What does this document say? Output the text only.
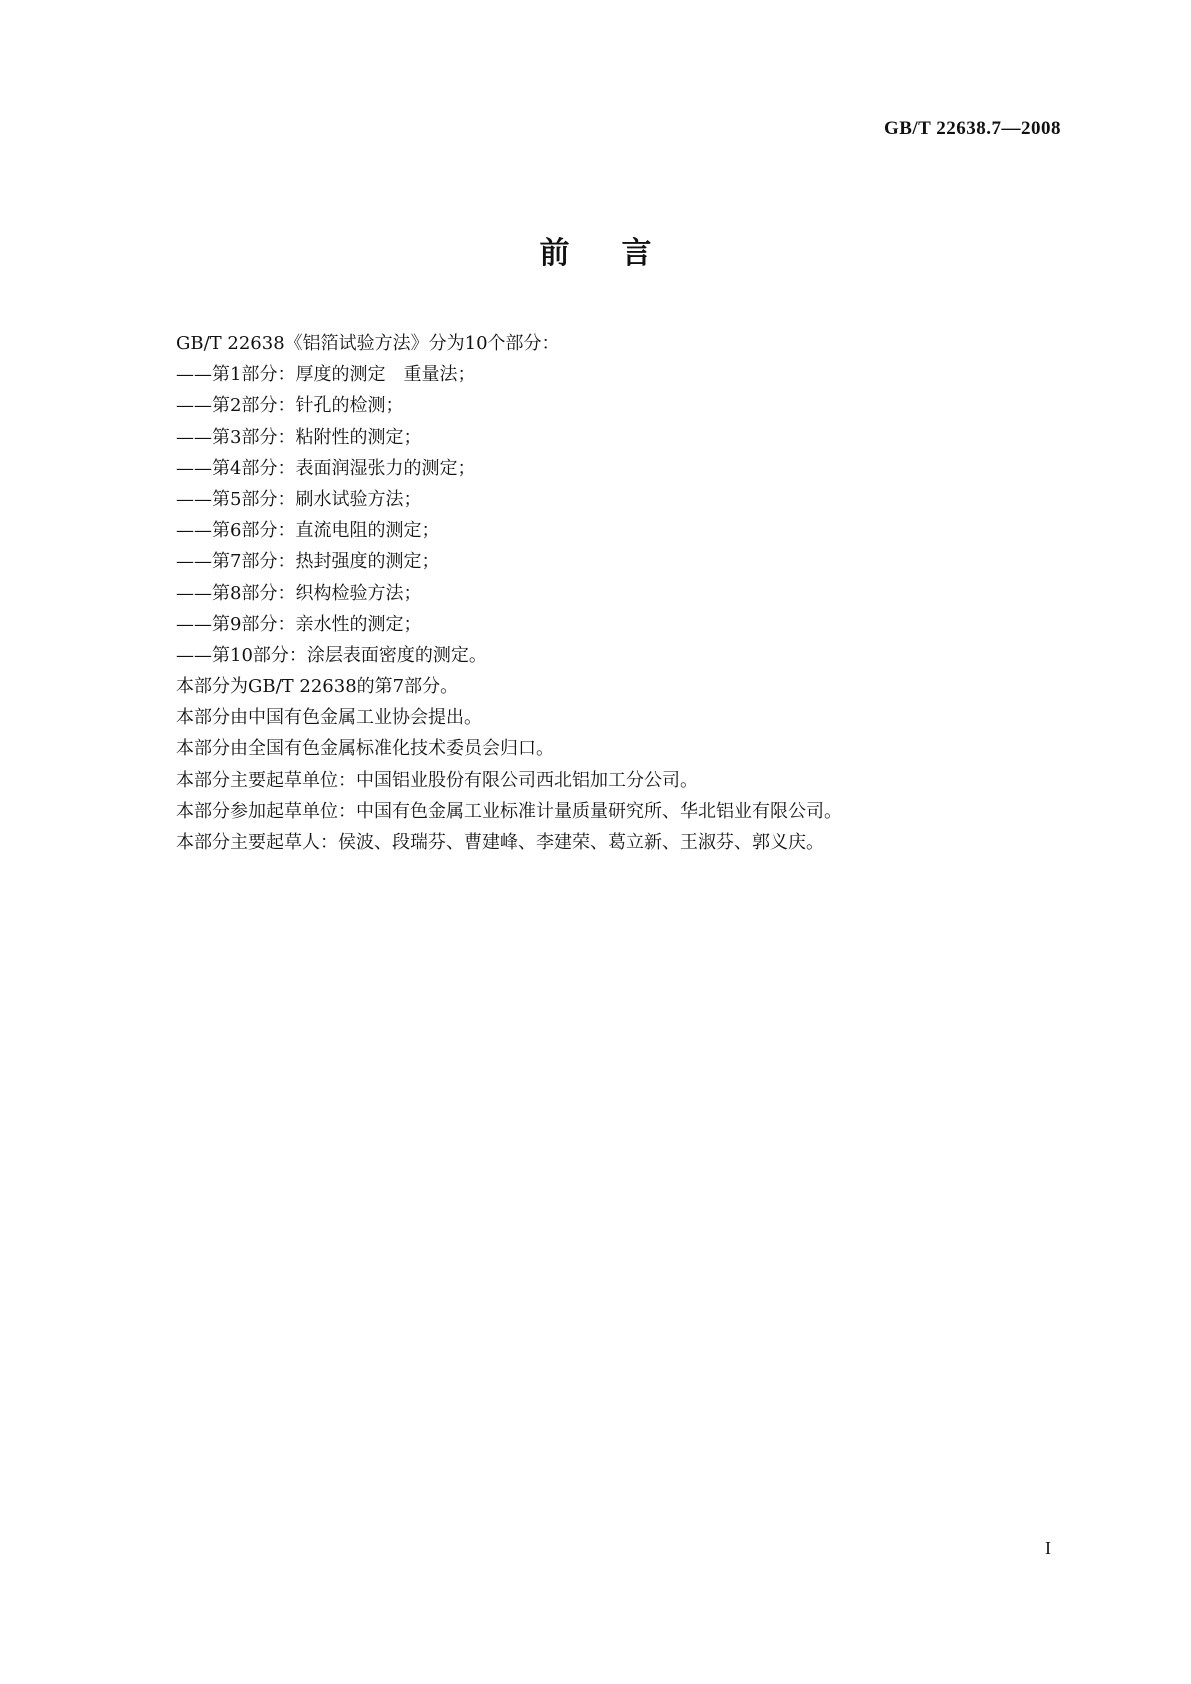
GB/T 22638.7—2008
前言
GB/T 22638《铝箔试验方法》分为10个部分：
——第1部分：厚度的测定　重量法；
——第2部分：针孔的检测；
——第3部分：粘附性的测定；
——第4部分：表面润湿张力的测定；
——第5部分：刷水试验方法；
——第6部分：直流电阻的测定；
——第7部分：热封强度的测定；
——第8部分：织构检验方法；
——第9部分：亲水性的测定；
——第10部分：涂层表面密度的测定。
本部分为GB/T 22638的第7部分。
本部分由中国有色金属工业协会提出。
本部分由全国有色金属标准化技术委员会归口。
本部分主要起草单位：中国铝业股份有限公司西北铝加工分公司。
本部分参加起草单位：中国有色金属工业标准计量质量研究所、华北铝业有限公司。
本部分主要起草人：侯波、段瑞芬、曹建峰、李建荣、葛立新、王淑芬、郭义庆。
I
